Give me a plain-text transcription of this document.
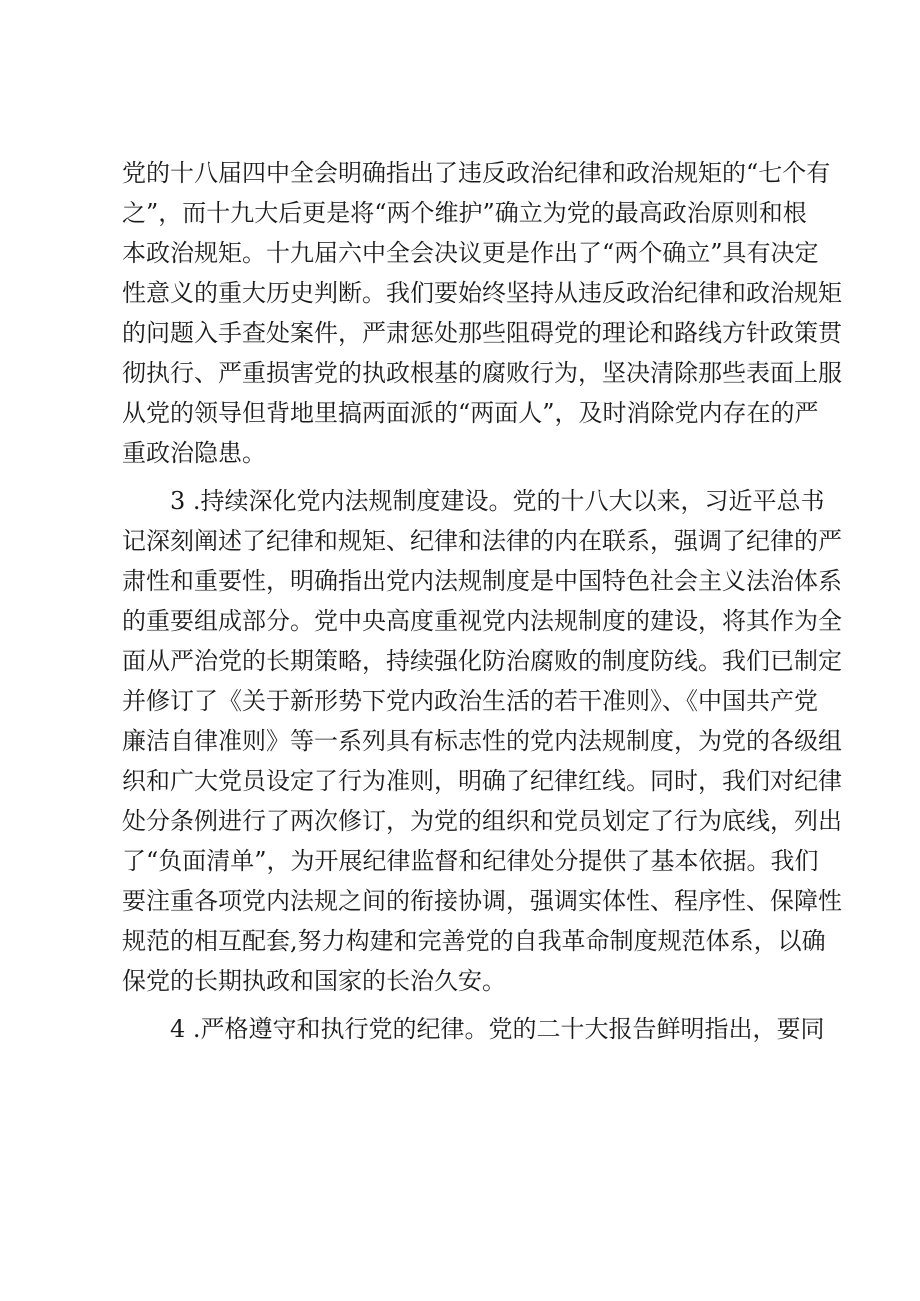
党的十八届四中全会明确指出了违反政治纪律和政治规矩的“七个有
之”，而十九大后更是将“两个维护”确立为党的最高政治原则和根
本政治规矩。十九届六中全会决议更是作出了“两个确立”具有决定
性意义的重大历史判断。我们要始终坚持从违反政治纪律和政治规矩
的问题入手查处案件，严肃惩处那些阻碍党的理论和路线方针政策贯
彻执行、严重损害党的执政根基的腐败行为，坚决清除那些表面上服
从党的领导但背地里搞两面派的“两面人”，及时消除党内存在的严
重政治隐患。
3 .持续深化党内法规制度建设。党的十八大以来，习近平总书
记深刻阐述了纪律和规矩、纪律和法律的内在联系，强调了纪律的严
肃性和重要性，明确指出党内法规制度是中国特色社会主义法治体系
的重要组成部分。党中央高度重视党内法规制度的建设，将其作为全
面从严治党的长期策略，持续强化防治腐败的制度防线。我们已制定
并修订了《关于新形势下党内政治生活的若干准则》、《中国共产党
廉洁自律准则》等一系列具有标志性的党内法规制度，为党的各级组
织和广大党员设定了行为准则，明确了纪律红线。同时，我们对纪律
处分条例进行了两次修订，为党的组织和党员划定了行为底线，列出
了“负面清单”，为开展纪律监督和纪律处分提供了基本依据。我们
要注重各项党内法规之间的衔接协调，强调实体性、程序性、保障性
规范的相互配套,努力构建和完善党的自我革命制度规范体系，以确
保党的长期执政和国家的长治久安。
4 .严格遵守和执行党的纪律。党的二十大报告鲜明指出，要同
